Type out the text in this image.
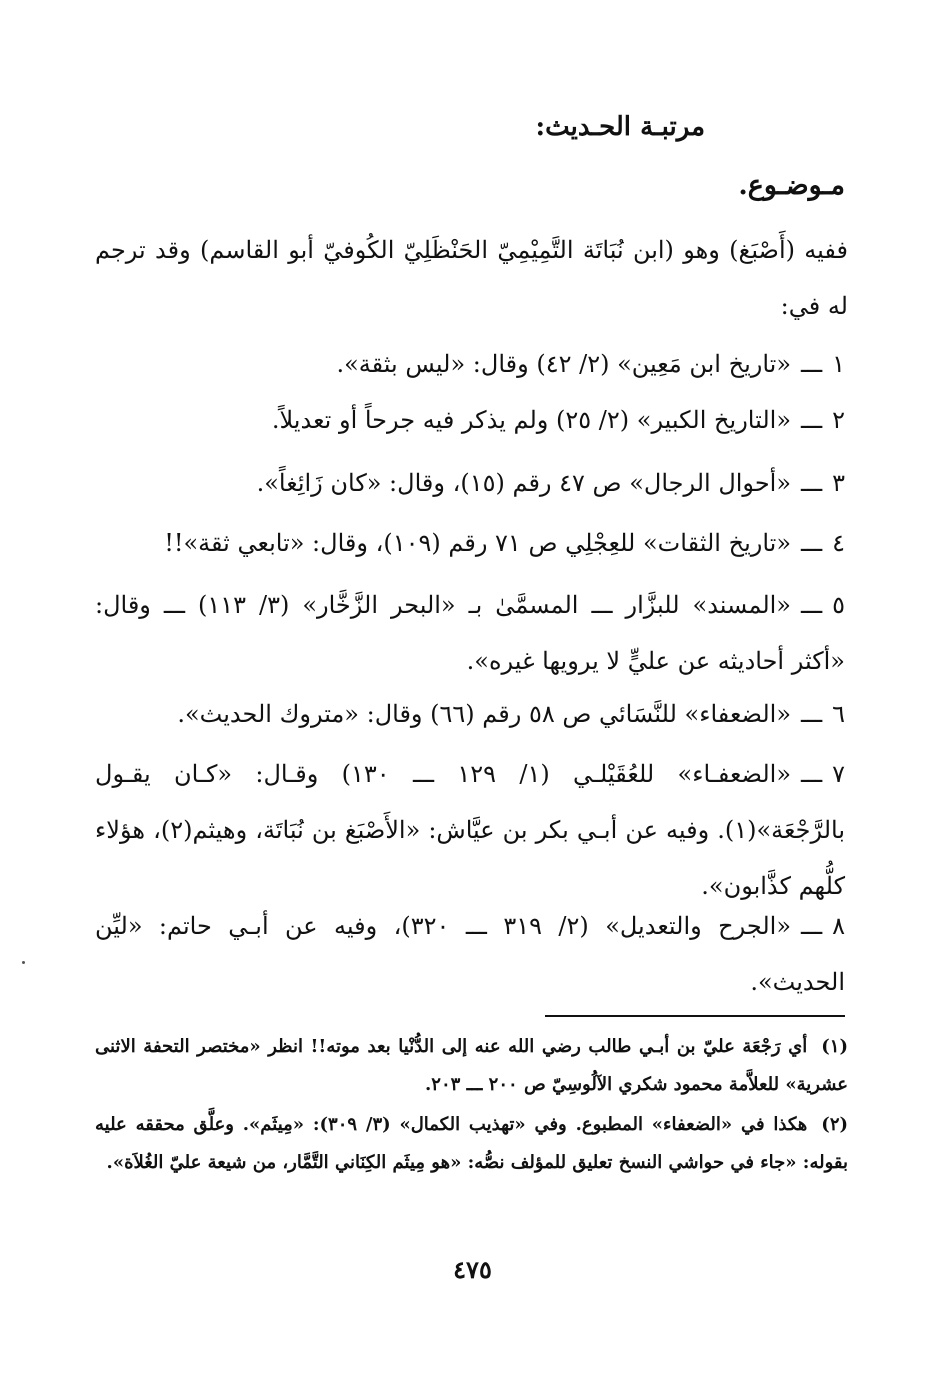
مرتبـة الحـديث:
مـوضـوع.
ففيه (أَصْبَغ) وهو (ابن نُبَاتَة التَّمِيْمِيّ الحَنْظَلِيّ الكُوفيّ أبو القاسم) وقد ترجم له في:
١ـــ«تاريخ ابن مَعِين» (٢/ ٤٢) وقال: «ليس بثقة».
٢ـــ«التاريخ الكبير» (٢/ ٢٥) ولم يذكر فيه جرحاً أو تعديلاً.
٣ـــ«أحوال الرجال» ص ٤٧ رقم (١٥)، وقال: «كان زَائِغاً».
٤ـــ«تاريخ الثقات» للعِجْلِي ص ٧١ رقم (١٠٩)، وقال: «تابعي ثقة»!!
٥ـــ«المسند» للبزَّار ـــ المسمَّىٰ بـ «البحر الزَّخَّار» (٣/ ١١٣) ـــ وقال: «أكثر أحاديثه عن عليٍّ لا يرويها غيره».
٦ـــ«الضعفاء» للنَّسَائي ص ٥٨ رقم (٦٦) وقال: «متروك الحديث».
٧ـــ«الضعفـاء» للعُقَيْلـي (١/ ١٢٩ ـــ ١٣٠) وقـال: «كـان يقـول بالرَّجْعَة»(١). وفيه عن أبـي بكر بن عيَّاش: «الأَصْبَغ بن نُبَاتَة، وهيثم(٢)، هؤلاء كلُّهم كذَّابون».
٨ـــ«الجرح والتعديل» (٢/ ٣١٩ ـــ ٣٢٠)، وفيه عن أبـي حاتم: «ليِّن الحديث».
(١)أي رَجْعَة عليّ بن أبـي طالب رضي الله عنه إلى الدُّنْيا بعد موته!! انظر «مختصر التحفة الاثنى عشرية» للعلاَّمة محمود شكري الآلُوسِيّ ص ٢٠٠ ـــ ٢٠٣.
(٢)هكذا في «الضعفاء» المطبوع. وفي «تهذيب الكمال» (٣/ ٣٠٩): «مِيثَم». وعلَّق محققه عليه بقوله: «جاء في حواشي النسخ تعليق للمؤلف نصُّه: «هو مِيثَم الكِنَاني التَّمَّار، من شيعة عليّ الغُلاَة».
٤٧٥
